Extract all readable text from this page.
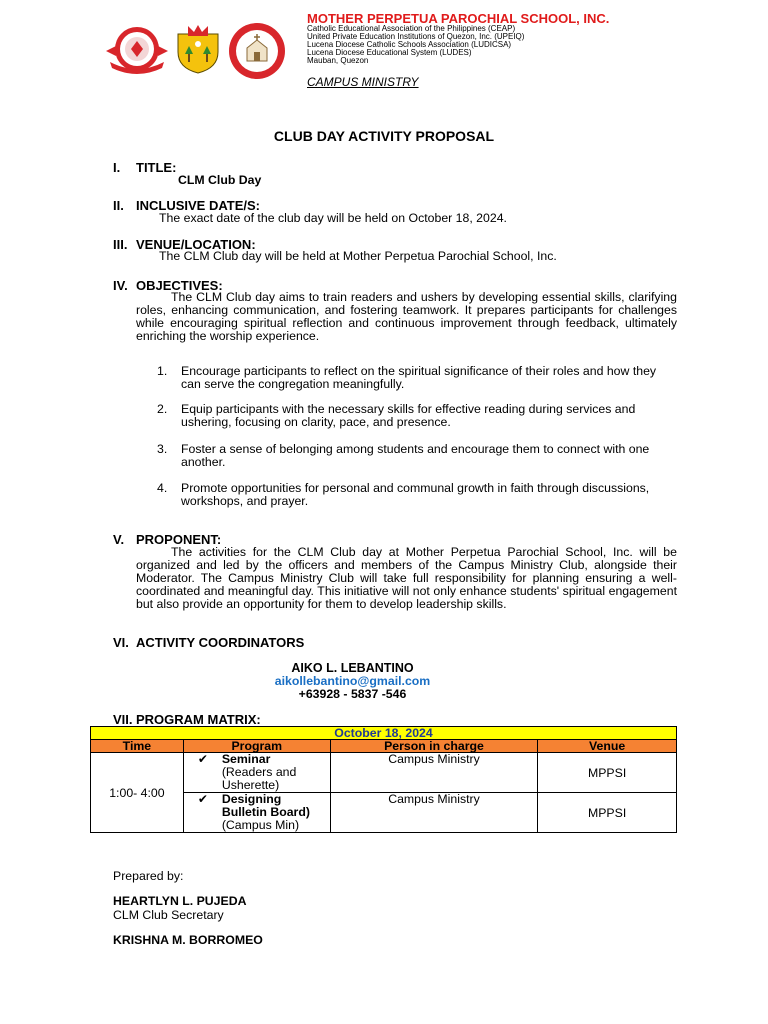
MOTHER PERPETUA PAROCHIAL SCHOOL, INC.
Catholic Educational Association of the Philippines (CEAP)
United Private Education Institutions of Quezon, Inc. (UPEIQ)
Lucena Diocese Catholic Schools Association (LUDICSA)
Lucena Diocese Educational System (LUDES)
Mauban, Quezon
CAMPUS MINISTRY
CLUB DAY ACTIVITY PROPOSAL
I. TITLE:
CLM Club Day
II. INCLUSIVE DATE/S:
The exact date of the club day will be held on October 18, 2024.
III. VENUE/LOCATION:
The CLM Club day will be held at Mother Perpetua Parochial School, Inc.
IV. OBJECTIVES:
The CLM Club day aims to train readers and ushers by developing essential skills, clarifying roles, enhancing communication, and fostering teamwork. It prepares participants for challenges while encouraging spiritual reflection and continuous improvement through feedback, ultimately enriching the worship experience.
1. Encourage participants to reflect on the spiritual significance of their roles and how they can serve the congregation meaningfully.
2. Equip participants with the necessary skills for effective reading during services and ushering, focusing on clarity, pace, and presence.
3. Foster a sense of belonging among students and encourage them to connect with one another.
4. Promote opportunities for personal and communal growth in faith through discussions, workshops, and prayer.
V. PROPONENT:
The activities for the CLM Club day at Mother Perpetua Parochial School, Inc. will be organized and led by the officers and members of the Campus Ministry Club, alongside their Moderator. The Campus Ministry Club will take full responsibility for planning ensuring a well-coordinated and meaningful day. This initiative will not only enhance students' spiritual engagement but also provide an opportunity for them to develop leadership skills.
VI. ACTIVITY COORDINATORS
AIKO L. LEBANTINO
aikollebantino@gmail.com
+63928 - 5837 -546
VII. PROGRAM MATRIX:
October 18, 2024			
Time	Program	Person in charge	Venue
1:00- 4:00	✔ Seminar
(Readers and
Usherette)	Campus Ministry	MPPSI

	✔ Designing
Bulletin Board)
(Campus Min)	Campus Ministry	MPPSI
Prepared by:
HEARTLYN L. PUJEDA
CLM Club Secretary
KRISHNA M. BORROMEO
